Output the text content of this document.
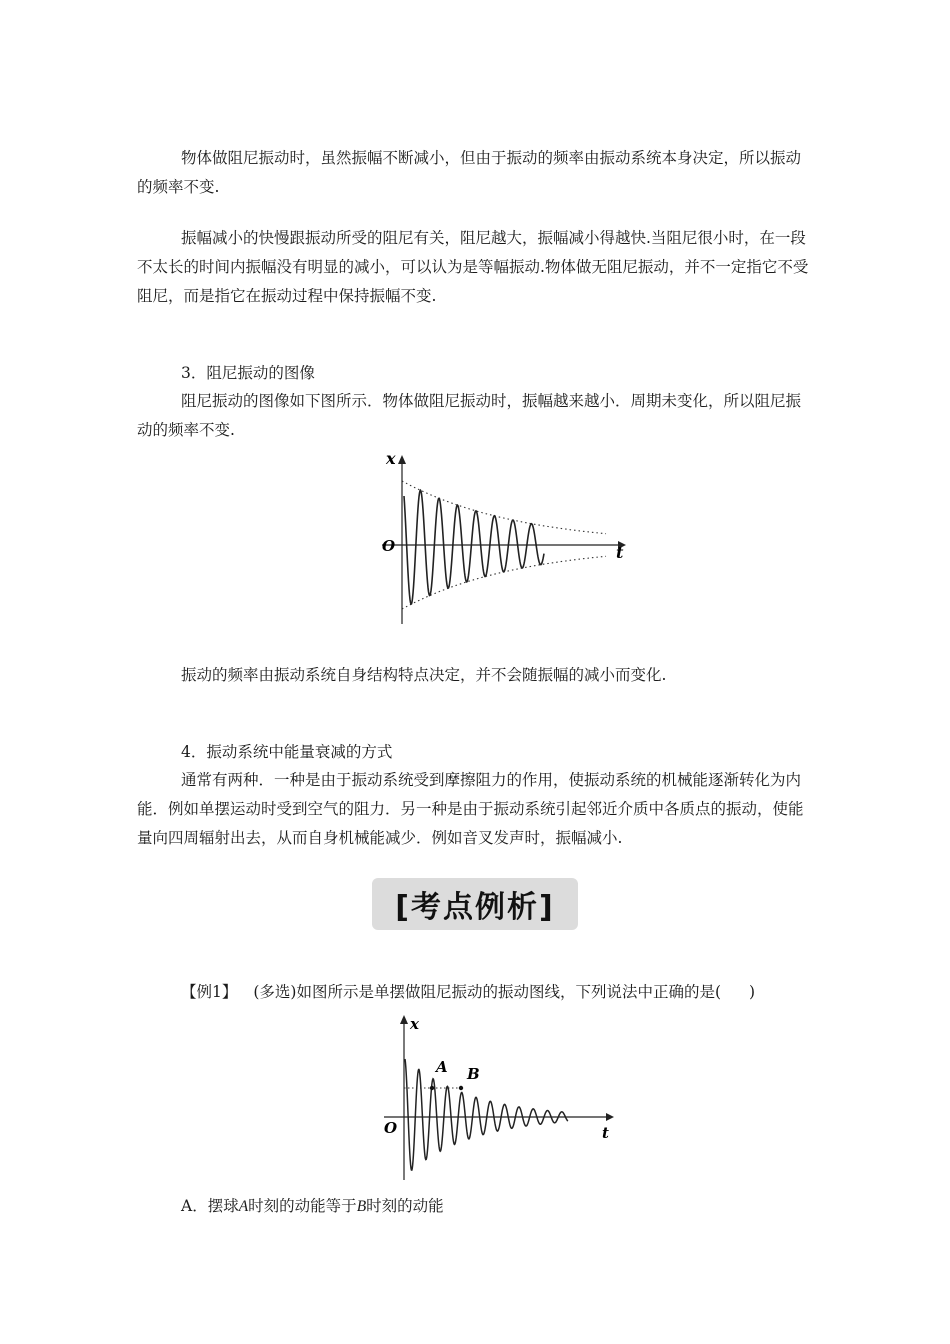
物体做阻尼振动时，虽然振幅不断减小，但由于振动的频率由振动系统本身决定，所以振动的频率不变.

振幅减小的快慢跟振动所受的阻尼有关，阻尼越大，振幅减小得越快.当阻尼很小时，在一段不太长的时间内振幅没有明显的减小，可以认为是等幅振动.物体做无阻尼振动，并不一定指它不受阻尼，而是指它在振动过程中保持振幅不变.

3．阻尼振动的图像

阻尼振动的图像如下图所示．物体做阻尼振动时，振幅越来越小．周期未变化，所以阻尼振动的频率不变.

x
t
O

振动的频率由振动系统自身结构特点决定，并不会随振幅的减小而变化.

4．振动系统中能量衰减的方式

通常有两种．一种是由于振动系统受到摩擦阻力的作用，使振动系统的机械能逐渐转化为内能．例如单摆运动时受到空气的阻力．另一种是由于振动系统引起邻近介质中各质点的振动，使能量向四周辐射出去，从而自身机械能减少．例如音叉发声时，振幅减小.

[考点例析]
【例1】 (多选)如图所示是单摆做阻尼振动的振动图线，下列说法中正确的是( )
x
t
O
A B
A．摆球A时刻的动能等于B时刻的动能
